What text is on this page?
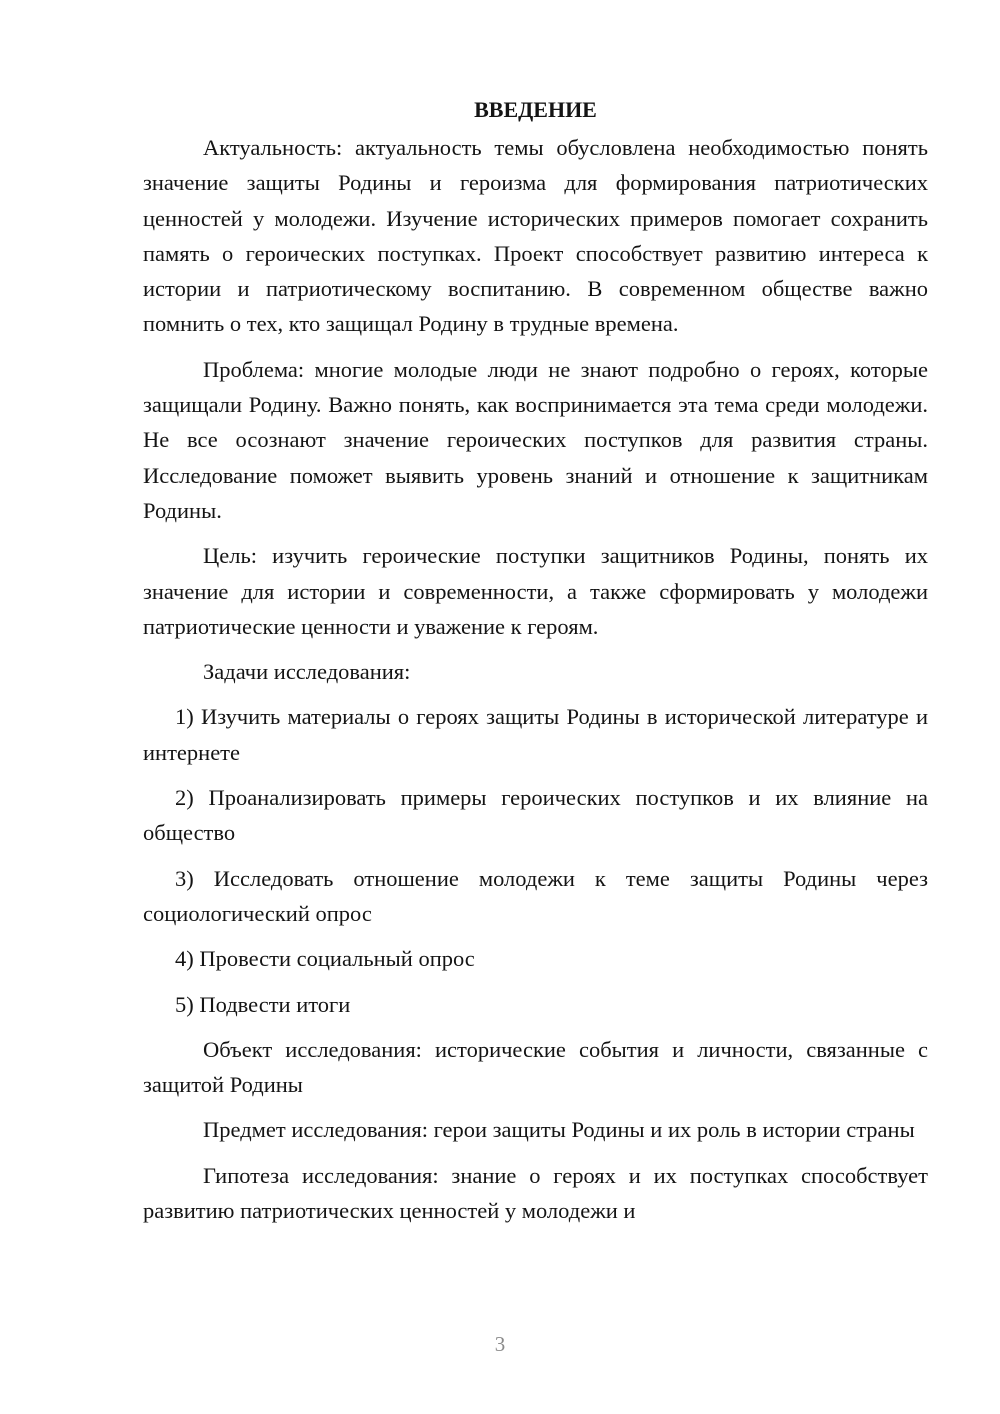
ВВЕДЕНИЕ

Актуальность: актуальность темы обусловлена необходимостью понять значение защиты Родины и героизма для формирования патриотических ценностей у молодежи. Изучение исторических примеров помогает сохранить память о героических поступках. Проект способствует развитию интереса к истории и патриотическому воспитанию. В современном обществе важно помнить о тех, кто защищал Родину в трудные времена.

Проблема: многие молодые люди не знают подробно о героях, которые защищали Родину. Важно понять, как воспринимается эта тема среди молодежи. Не все осознают значение героических поступков для развития страны. Исследование поможет выявить уровень знаний и отношение к защитникам Родины.

Цель: изучить героические поступки защитников Родины, понять их значение для истории и современности, а также сформировать у молодежи патриотические ценности и уважение к героям.

Задачи исследования:

1) Изучить материалы о героях защиты Родины в исторической литературе и интернете

2) Проанализировать примеры героических поступков и их влияние на общество

3) Исследовать отношение молодежи к теме защиты Родины через социологический опрос

4) Провести социальный опрос

5) Подвести итоги

Объект исследования: исторические события и личности, связанные с защитой Родины

Предмет исследования: герои защиты Родины и их роль в истории страны

Гипотеза исследования: знание о героях и их поступках способствует развитию патриотических ценностей у молодежи и

3
